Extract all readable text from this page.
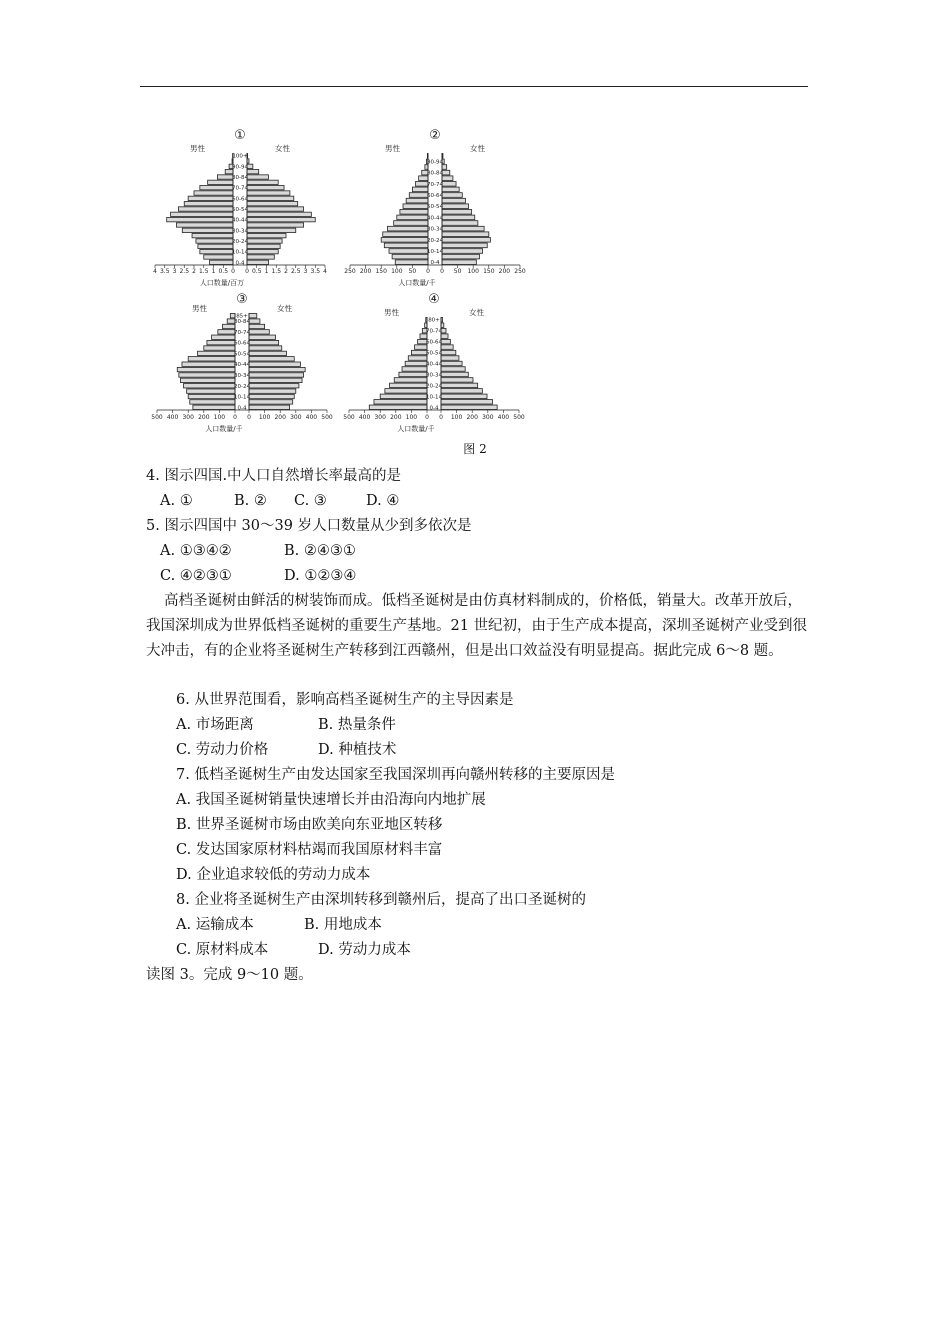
①
男性	女性
0-4
10-14
20-24
30-34
40-44
50-54
60-64
70-74
80-84
90-94
100+
4 3.5 3 2.5 2 1.5 1 0.5 0 0 0.5 1 1.5 2 2.5 3 3.5 4
人口数量/百万
②
男性	女性
0-4
10-14
20-24
30-34
40-44
50-54
60-64
70-74
80-84
90-94
250 200 150 100 50 0 0 50 100 150 200 250
人口数量/千
③
男性	女性
0-4
10-14
20-24
30-34
40-44
50-54
60-64
70-74
80-84
85+
500 400 300 200 100 0 0 100 200 300 400 500
人口数量/千
④
男性	女性
0-4
10-14
20-24
30-34
40-44
50-54
60-64
70-74
80+
500 400 300 200 100 0 0 100 200 300 400 500
人口数量/千
图 2
4. 图示四国.中人口自然增长率最高的是
A. ①	B. ② C. ③	D. ④
5. 图示四国中 30～39 岁人口数量从少到多依次是
A. ①③④②	B. ②④③①
C. ④②③①	D. ①②③④
高档圣诞树由鲜活的树装饰而成。低档圣诞树是由仿真材料制成的，价格低，销量大。改革开放后，我国深圳成为世界低档圣诞树的重要生产基地。21 世纪初，由于生产成本提高，深圳圣诞树产业受到很大冲击，有的企业将圣诞树生产转移到江西赣州，但是出口效益没有明显提高。据此完成 6～8 题。
6. 从世界范围看，影响高档圣诞树生产的主导因素是
A. 市场距离	B. 热量条件
C. 劳动力价格	D. 种植技术
7. 低档圣诞树生产由发达国家至我国深圳再向赣州转移的主要原因是
A. 我国圣诞树销量快速增长并由沿海向内地扩展
B. 世界圣诞树市场由欧美向东亚地区转移
C. 发达国家原材料枯竭而我国原材料丰富
D. 企业追求较低的劳动力成本
8. 企业将圣诞树生产由深圳转移到赣州后，提高了出口圣诞树的
A. 运输成本	B. 用地成本
C. 原材料成本	D. 劳动力成本
读图 3。完成 9～10 题。
